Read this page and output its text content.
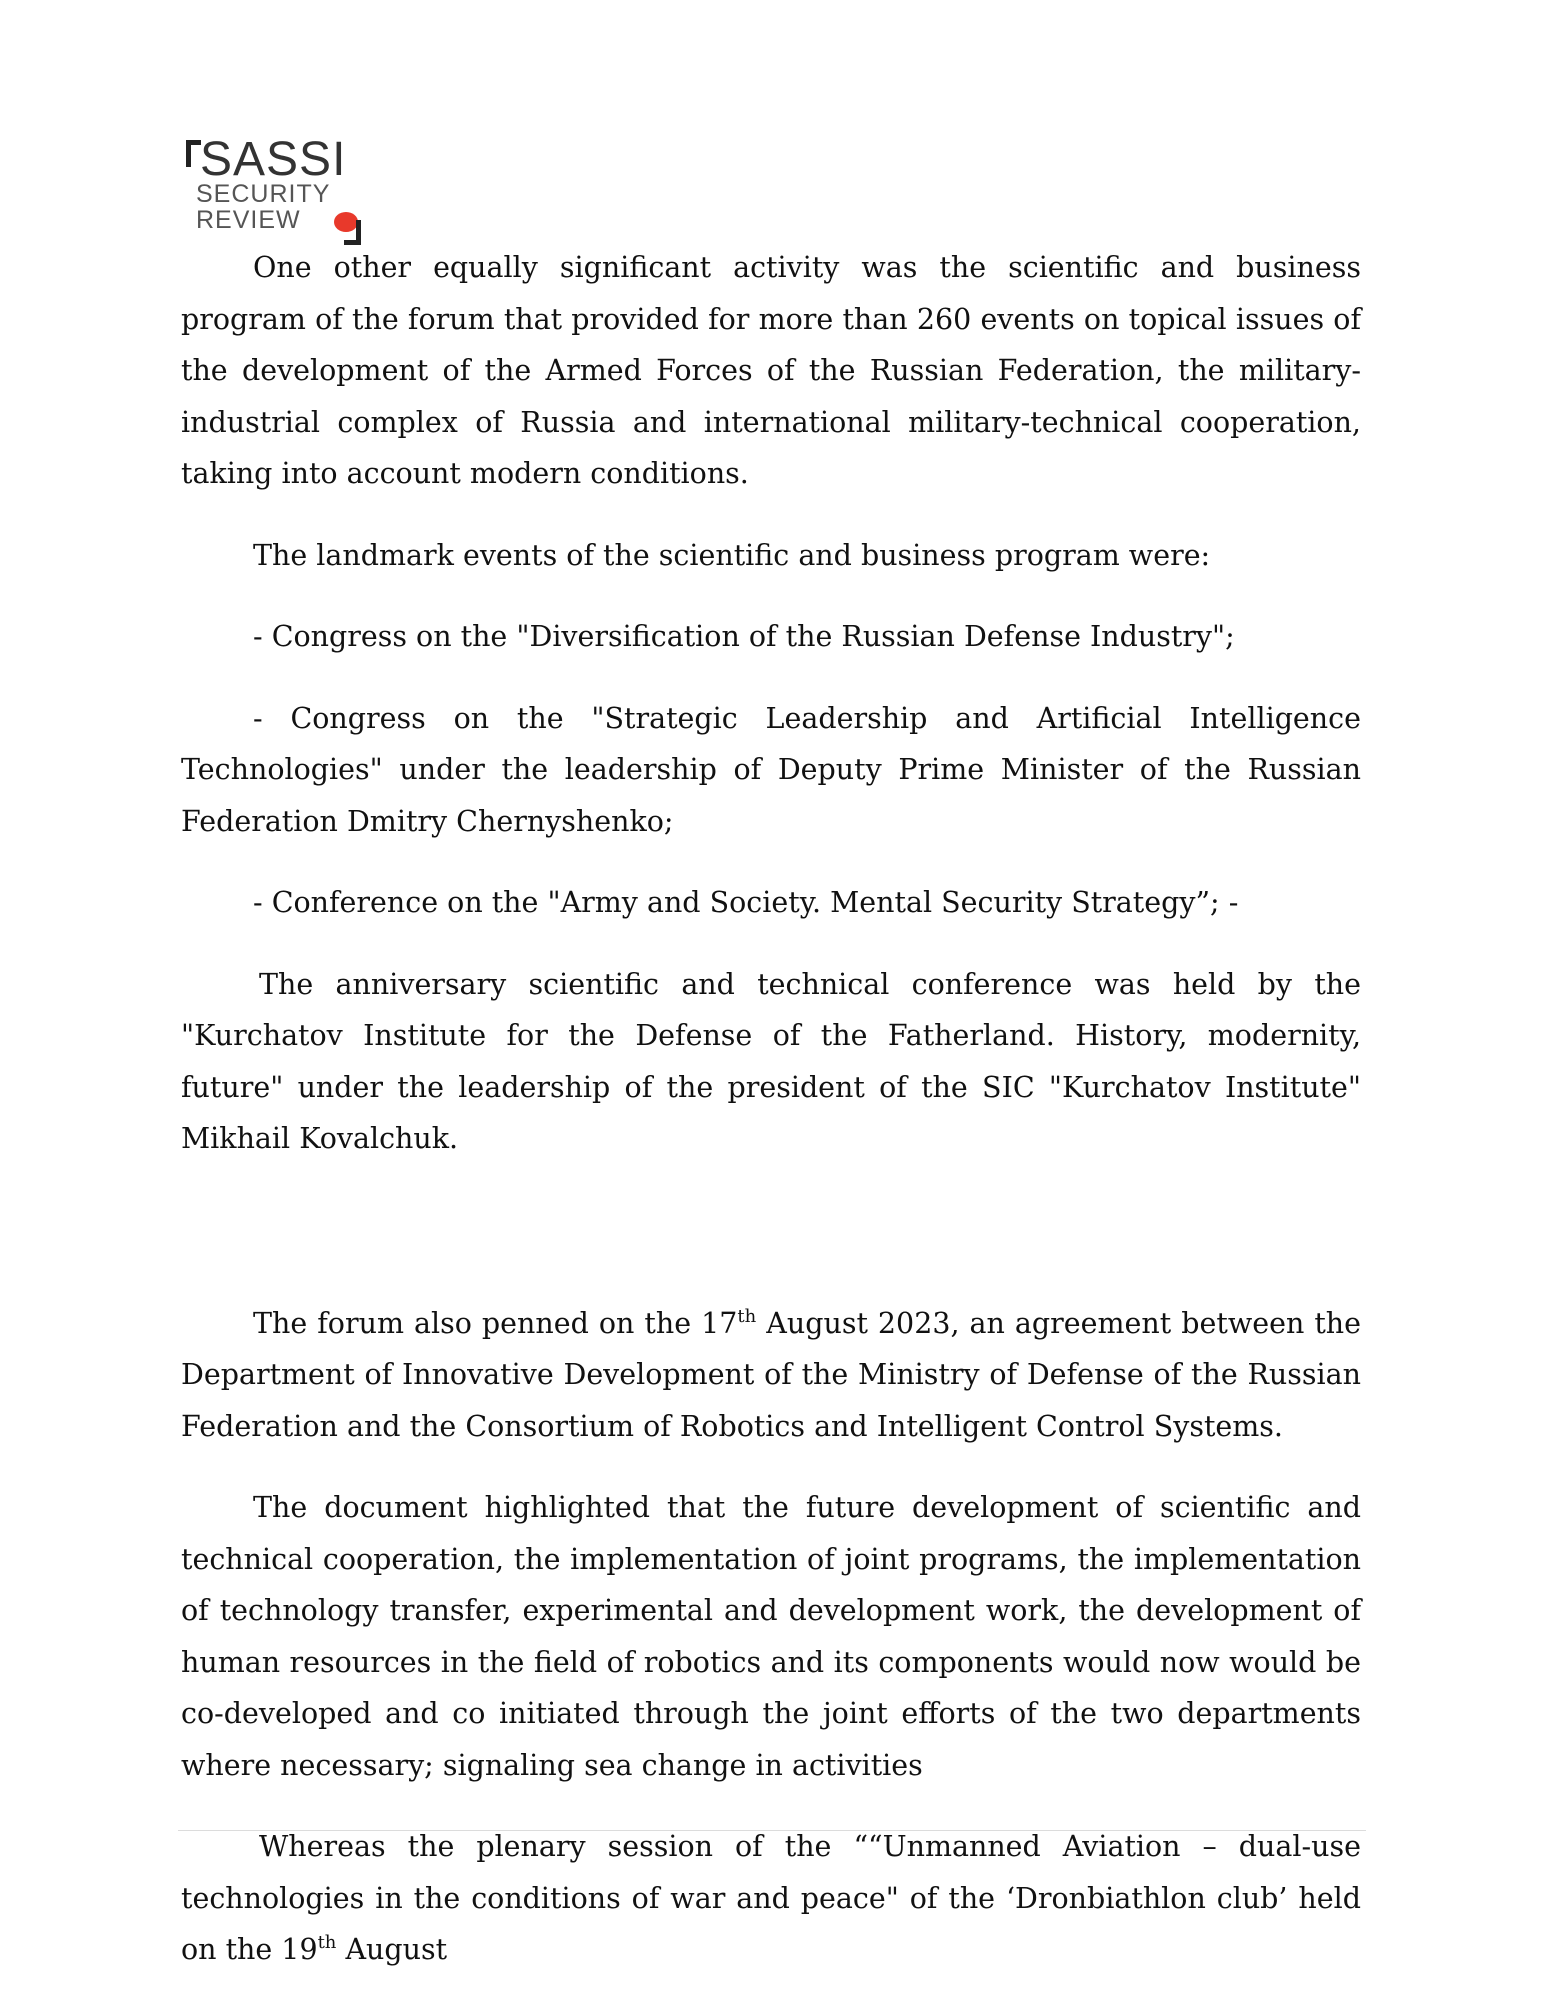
SASSI
SECURITY
REVIEW

One other equally significant activity was the scientific and business program of the forum that provided for more than 260 events on topical issues of the development of the Armed Forces of the Russian Federation, the military-industrial complex of Russia and international military-technical cooperation, taking into account modern conditions.

The landmark events of the scientific and business program were:

- Congress on the "Diversification of the Russian Defense Industry";

- Congress on the "Strategic Leadership and Artificial Intelligence Technologies" under the leadership of Deputy Prime Minister of the Russian Federation Dmitry Chernyshenko;

- Conference on the "Army and Society. Mental Security Strategy”; -

The anniversary scientific and technical conference was held by the "Kurchatov Institute for the Defense of the Fatherland. History, modernity, future" under the leadership of the president of the SIC "Kurchatov Institute" Mikhail Kovalchuk.

The forum also penned on the 17th August 2023, an agreement between the Department of Innovative Development of the Ministry of Defense of the Russian Federation and the Consortium of Robotics and Intelligent Control Systems.

The document highlighted that the future development of scientific and technical cooperation, the implementation of joint programs, the implementation of technology transfer, experimental and development work, the development of human resources in the field of robotics and its components would now would be co-developed and co initiated through the joint efforts of the two departments where necessary; signaling sea change in activities

Whereas the plenary session of the ““Unmanned Aviation – dual-use technologies in the conditions of war and peace" of the ‘Dronbiathlon club’ held on the 19th August
